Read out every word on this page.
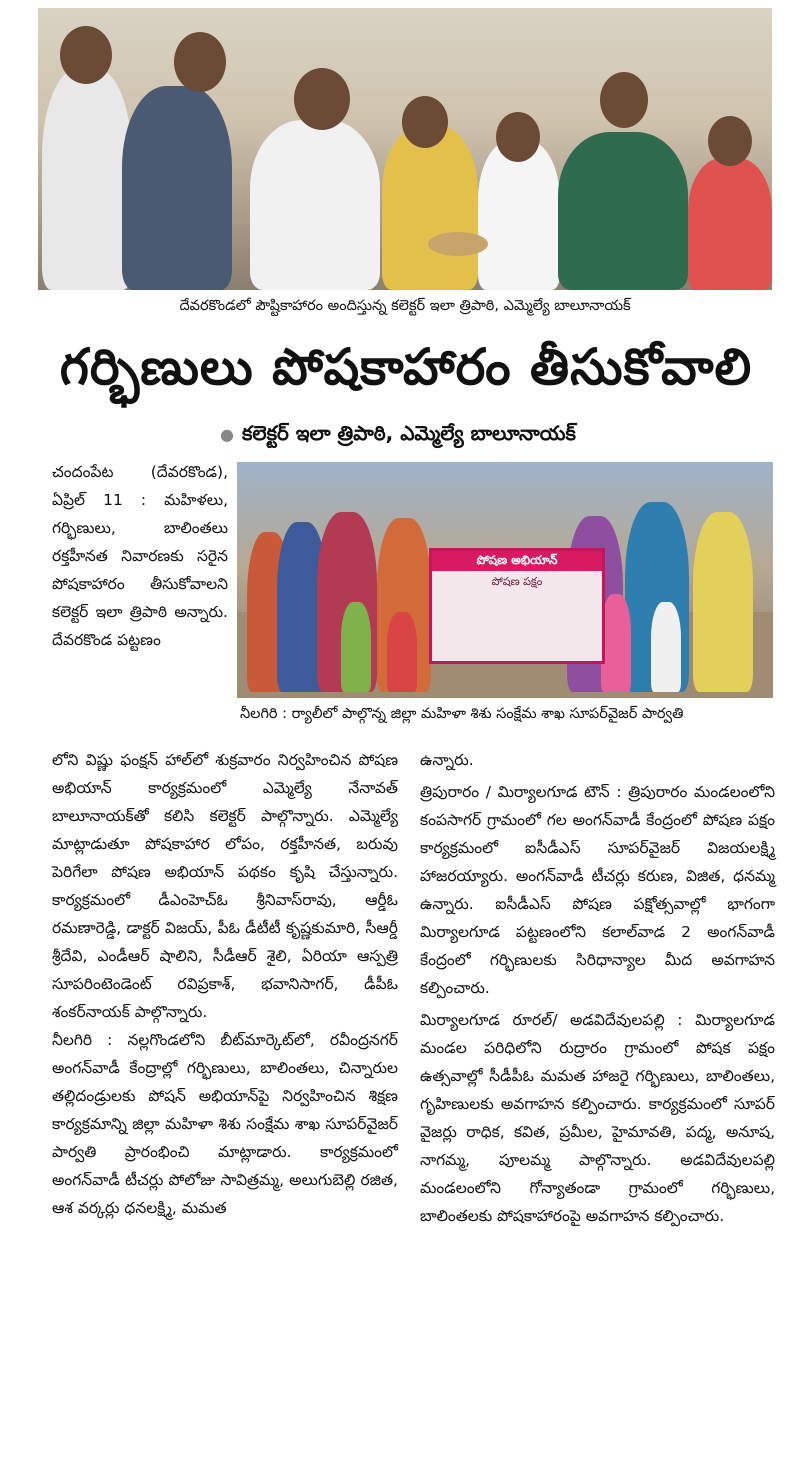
దేవరకొండలో పౌష్టికాహారం అందిస్తున్న కలెక్టర్ ఇలా త్రిపాఠి, ఎమ్మెల్యే బాలూనాయక్
గర్భిణులు పోషకాహారం తీసుకోవాలి
● కలెక్టర్ ఇలా త్రిపాఠి, ఎమ్మెల్యే బాలూనాయక్

చందంపేట (దేవరకొండ), ఏప్రిల్ 11 : మహిళలు, గర్భిణులు, బాలింతలు రక్తహీనత నివారణకు సరైన పోషకాహారం తీసుకోవాలని కలెక్టర్ ఇలా త్రిపాఠి అన్నారు. దేవరకొండ పట్టణం

పోషణ అభియాన్
పోషణ పక్షం
నీలగిరి : ర్యాలీలో పాల్గొన్న జిల్లా మహిళా శిశు సంక్షేమ శాఖ సూపర్‌వైజర్ పార్వతి

లోని విష్ణు ఫంక్షన్ హాల్‌లో శుక్రవారం నిర్వహించిన పోషణ అభియాన్ కార్యక్రమంలో ఎమ్మెల్యే నేనావత్ బాలూనాయక్‌తో కలిసి కలెక్టర్ పాల్గొన్నారు. ఎమ్మెల్యే మాట్లాడుతూ పోషకాహార లోపం, రక్తహీనత, బరువు పెరిగేలా పోషణ అభియాన్ పథకం కృషి చేస్తున్నారు. కార్యక్రమంలో డీఎంహెచ్ఓ శ్రీనివాస్‌రావు, ఆర్డీఓ రమణారెడ్డి, డాక్టర్ విజయ్, పీఓ డీటీటీ కృష్ణకుమారి, సీఆర్డీ శ్రీదేవి, ఎండీఆర్ షాలిని, సీడీఆర్ శైలి, ఏరియా ఆస్పత్రి సూపరింటెండెంట్ రవిప్రకాశ్, భవానిసాగర్, డీపీఓ శంకర్‌నాయక్ పాల్గొన్నారు.

నీలగిరి : నల్లగొండలోని బీట్‌మార్కెట్‌లో, రవీంద్రనగర్ అంగన్‌వాడీ కేంద్రాల్లో గర్భిణులు, బాలింతలు, చిన్నారుల తల్లిదండ్రులకు పోషన్ అభియాన్‌పై నిర్వహించిన శిక్షణ కార్యక్రమాన్ని జిల్లా మహిళా శిశు సంక్షేమ శాఖ సూపర్‌వైజర్ పార్వతి ప్రారంభించి మాట్లాడారు. కార్యక్రమంలో అంగన్‌వాడీ టీచర్లు పోలోజు సావిత్రమ్మ, అలుగుబెల్లి రజిత, ఆశ వర్కర్లు ధనలక్ష్మి, మమత

ఉన్నారు.

త్రిపురారం / మిర్యాలగూడ టౌన్ : త్రిపురారం మండలంలోని కంపసాగర్ గ్రామంలో గల అంగన్‌వాడీ కేంద్రంలో పోషణ పక్షం కార్యక్రమంలో ఐసీడీఎస్ సూపర్‌వైజర్ విజయలక్ష్మి హాజరయ్యారు. అంగన్‌వాడీ టీచర్లు కరుణ, విజిత, ధనమ్మ ఉన్నారు. ఐసీడీఎస్ పోషణ పక్షోత్సవాల్లో భాగంగా మిర్యాలగూడ పట్టణంలోని కలాల్‌వాడ 2 అంగన్‌వాడీ కేంద్రంలో గర్భిణులకు సిరిధాన్యాల మీద అవగాహన కల్పించారు.

మిర్యాలగూడ రూరల్/ అడవిదేవులపల్లి : మిర్యాలగూడ మండల పరిధిలోని రుద్రారం గ్రామంలో పోషక పక్షం ఉత్సవాల్లో సీడీపీఓ మమత హాజరై గర్భిణులు, బాలింతలు, గృహిణులకు అవగాహన కల్పించారు. కార్యక్రమంలో సూపర్ వైజర్లు రాధిక, కవిత, ప్రమీల, హైమావతి, పద్మ, అనూష, నాగమ్మ, పూలమ్మ పాల్గొన్నారు. అడవిదేవులపల్లి మండలంలోని గోన్యాతండా గ్రామంలో గర్భిణులు, బాలింతలకు పోషకాహారంపై అవగాహన కల్పించారు.
